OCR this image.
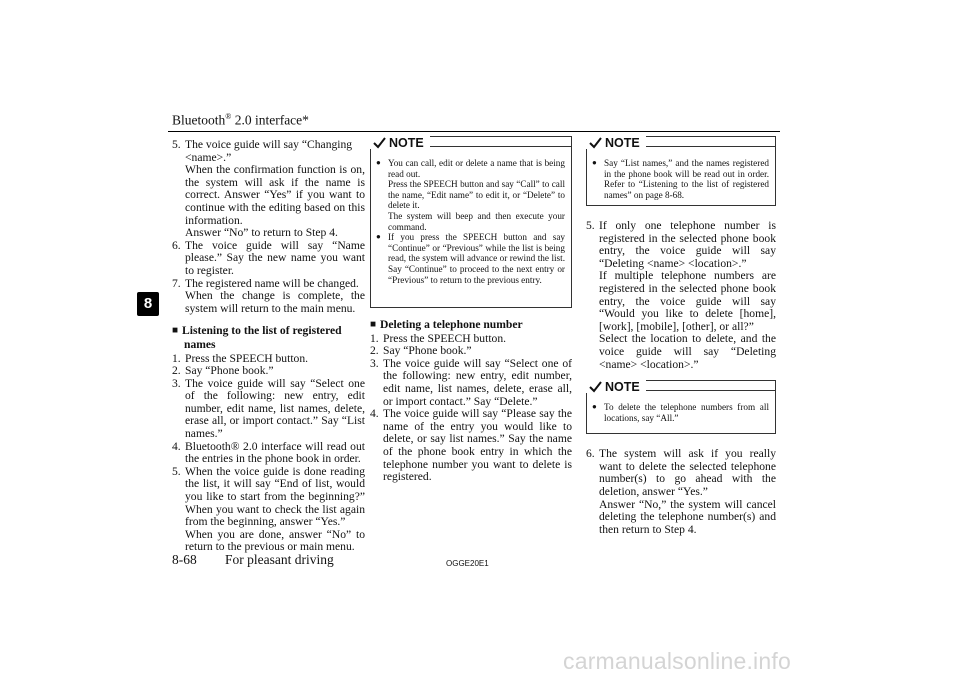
Bluetooth® 2.0 interface*
8
5. The voice guide will say “Changing

<name>.”

When the confirmation function is on, the system will ask if the name is correct. Answer “Yes” if you want to continue with the editing based on this information.

Answer “No” to return to Step 4.

6. The voice guide will say “Name please.” Say the new name you want to register.

7. The registered name will be changed.

When the change is complete, the system will return to the main menu.

■ Listening to the list of registered
names
1. Press the SPEECH button.

2. Say “Phone book.”

3. The voice guide will say “Select one of the following: new entry, edit number, edit name, list names, delete, erase all, or import contact.” Say “List names.”

4. Bluetooth® 2.0 interface will read out the entries in the phone book in order.

5. When the voice guide is done reading the list, it will say “End of list, would you like to start from the beginning?” When you want to check the list again from the beginning, answer “Yes.”

When you are done, answer “No” to return to the previous or main menu.

NOTE
● You can call, edit or delete a name that is being read out.
Press the SPEECH button and say “Call” to call the name, “Edit name” to edit it, or “Delete” to delete it.
The system will beep and then execute your command.
● If you press the SPEECH button and say “Continue” or “Previous” while the list is being read, the system will advance or rewind the list. Say “Continue” to proceed to the next entry or “Previous” to return to the previous entry.
■ Deleting a telephone number
1. Press the SPEECH button.

2. Say “Phone book.”

3. The voice guide will say “Select one of the following: new entry, edit number, edit name, list names, delete, erase all, or import contact.” Say “Delete.”

4. The voice guide will say “Please say the name of the entry you would like to delete, or say list names.” Say the name of the phone book entry in which the telephone number you want to delete is registered.

NOTE
● Say “List names,” and the names registered in the phone book will be read out in order. Refer to “Listening to the list of registered names” on page 8-68.
5. If only one telephone number is registered in the selected phone book entry, the voice guide will say “Deleting <name> <location>.”

If multiple telephone numbers are registered in the selected phone book entry, the voice guide will say “Would you like to delete [home], [work], [mobile], [other], or all?”

Select the location to delete, and the voice guide will say “Deleting <name> <location>.”

NOTE
● To delete the telephone numbers from all locations, say “All.”
6. The system will ask if you really want to delete the selected telephone number(s) to go ahead with the deletion, answer “Yes.”

Answer “No,” the system will cancel deleting the telephone number(s) and then return to Step 4.

8-68 For pleasant driving	OGGE20E1
carmanualsonline.info
